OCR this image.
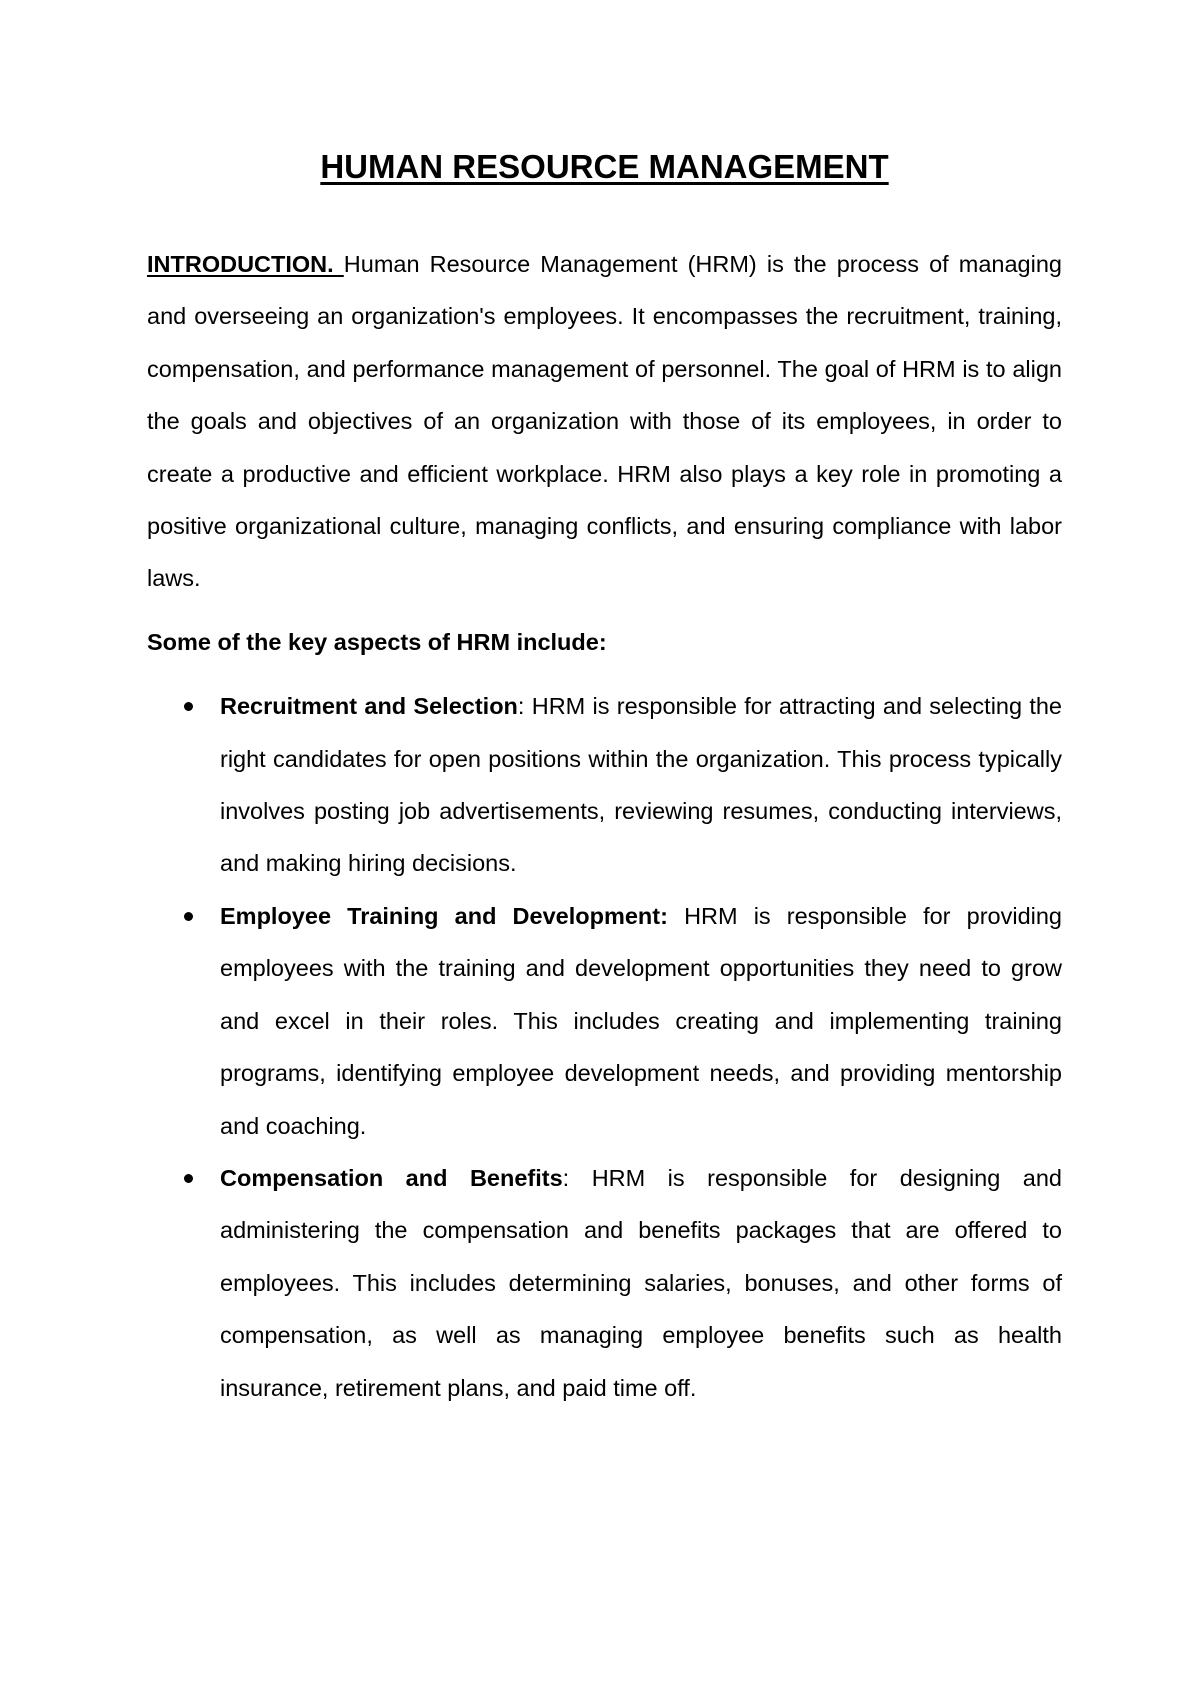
HUMAN RESOURCE MANAGEMENT

INTRODUCTION. Human Resource Management (HRM) is the process of managing and overseeing an organization's employees. It encompasses the recruitment, training, compensation, and performance management of personnel. The goal of HRM is to align the goals and objectives of an organization with those of its employees, in order to create a productive and efficient workplace. HRM also plays a key role in promoting a positive organizational culture, managing conflicts, and ensuring compliance with labor laws.

Some of the key aspects of HRM include:
Recruitment and Selection: HRM is responsible for attracting and selecting the right candidates for open positions within the organization. This process typically involves posting job advertisements, reviewing resumes, conducting interviews, and making hiring decisions.
Employee Training and Development: HRM is responsible for providing employees with the training and development opportunities they need to grow and excel in their roles. This includes creating and implementing training programs, identifying employee development needs, and providing mentorship and coaching.
Compensation and Benefits: HRM is responsible for designing and administering the compensation and benefits packages that are offered to employees. This includes determining salaries, bonuses, and other forms of compensation, as well as managing employee benefits such as health insurance, retirement plans, and paid time off.
